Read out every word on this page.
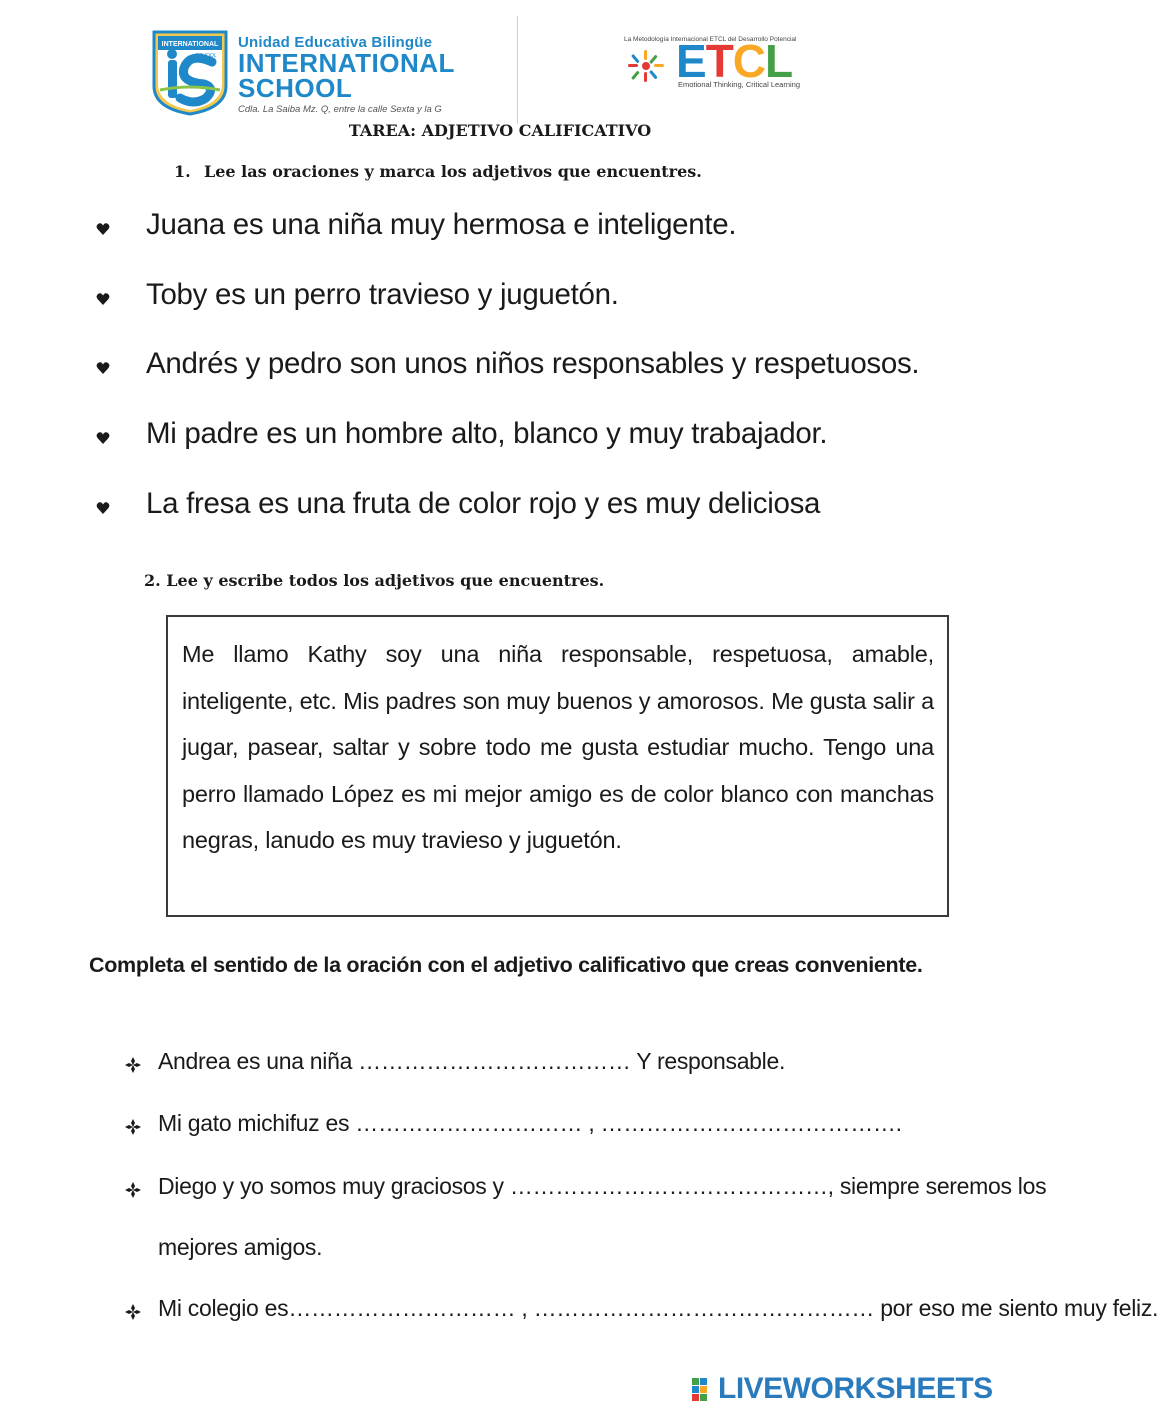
INTERNATIONAL
SCHOOL
Unidad Educativa Bilingüe
INTERNATIONAL
SCHOOL
Cdla. La Saiba Mz. Q, entre la calle Sexta y la G
La Metodología Internacional ETCL del Desarrollo Potencial
ETCL
Emotional Thinking, Critical Learning
TAREA: ADJETIVO CALIFICATIVO
1. Lee las oraciones y marca los adjetivos que encuentres.
Juana es una niña muy hermosa e inteligente.
Toby es un perro travieso y juguetón.
Andrés y pedro son unos niños responsables y respetuosos.
Mi padre es un hombre alto, blanco y muy trabajador.
La fresa es una fruta de color rojo y es muy deliciosa
2. Lee y escribe todos los adjetivos que encuentres.
Me llamo Kathy soy una niña responsable, respetuosa, amable, inteligente, etc. Mis padres son muy buenos y amorosos. Me gusta salir a jugar, pasear, saltar y sobre todo me gusta estudiar mucho. Tengo una perro llamado López es mi mejor amigo es de color blanco con manchas negras, lanudo es muy travieso y juguetón.
Completa el sentido de la oración con el adjetivo calificativo que creas conveniente.
Andrea es una niña ……………………………… Y responsable.
Mi gato michifuz es ………………………… , ………………………………….
Diego y yo somos muy graciosos y ……………………………………, siempre seremos los
mejores amigos.
Mi colegio es………………………… , ……………………………………… por eso me siento muy feliz.
LIVEWORKSHEETS
